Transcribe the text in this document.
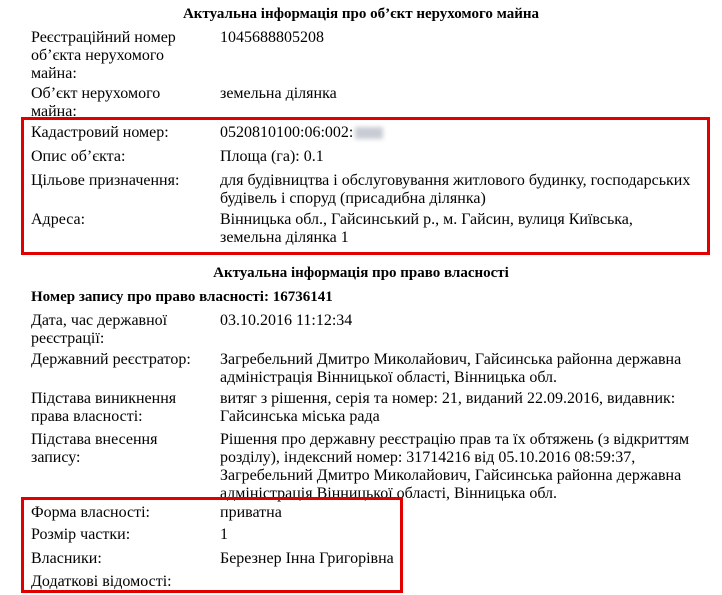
Актуальна інформація про об’єкт нерухомого майна
Реєстраційний номер
об’єкта нерухомого
майна:
1045688805208
Об’єкт нерухомого
майна:
земельна ділянка
Кадастровий номер:	0520810100:06:002:
Опис об’єкта:	Площа (га): 0.1
Цільове призначення:	для будівництва і обслуговування житлового будинку, господарських
будівель і споруд (присадибна ділянка)
Адреса:	Вінницька обл., Гайсинський р., м. Гайсин, вулиця Київська,
земельна ділянка 1
Актуальна інформація про право власності
Номер запису про право власності: 16736141
Дата, час державної
реєстрації:
03.10.2016 11:12:34
Державний реєстратор: Загребельний Дмитро Миколайович, Гайсинська районна державна
адміністрація Вінницької області, Вінницька обл.
Підстава виникнення
права власності:
витяг з рішення, серія та номер: 21, виданий 22.09.2016, видавник:
Гайсинська міська рада
Підстава внесення
запису:
Рішення про державну реєстрацію прав та їх обтяжень (з відкриттям
розділу), індексний номер: 31714216 від 05.10.2016 08:59:37,
Загребельний Дмитро Миколайович, Гайсинська районна державна
адміністрація Вінницької області, Вінницька обл.
Форма власності:	приватна
Розмір частки:	1
Власники:	Березнер Інна Григорівна
Додаткові відомості:
